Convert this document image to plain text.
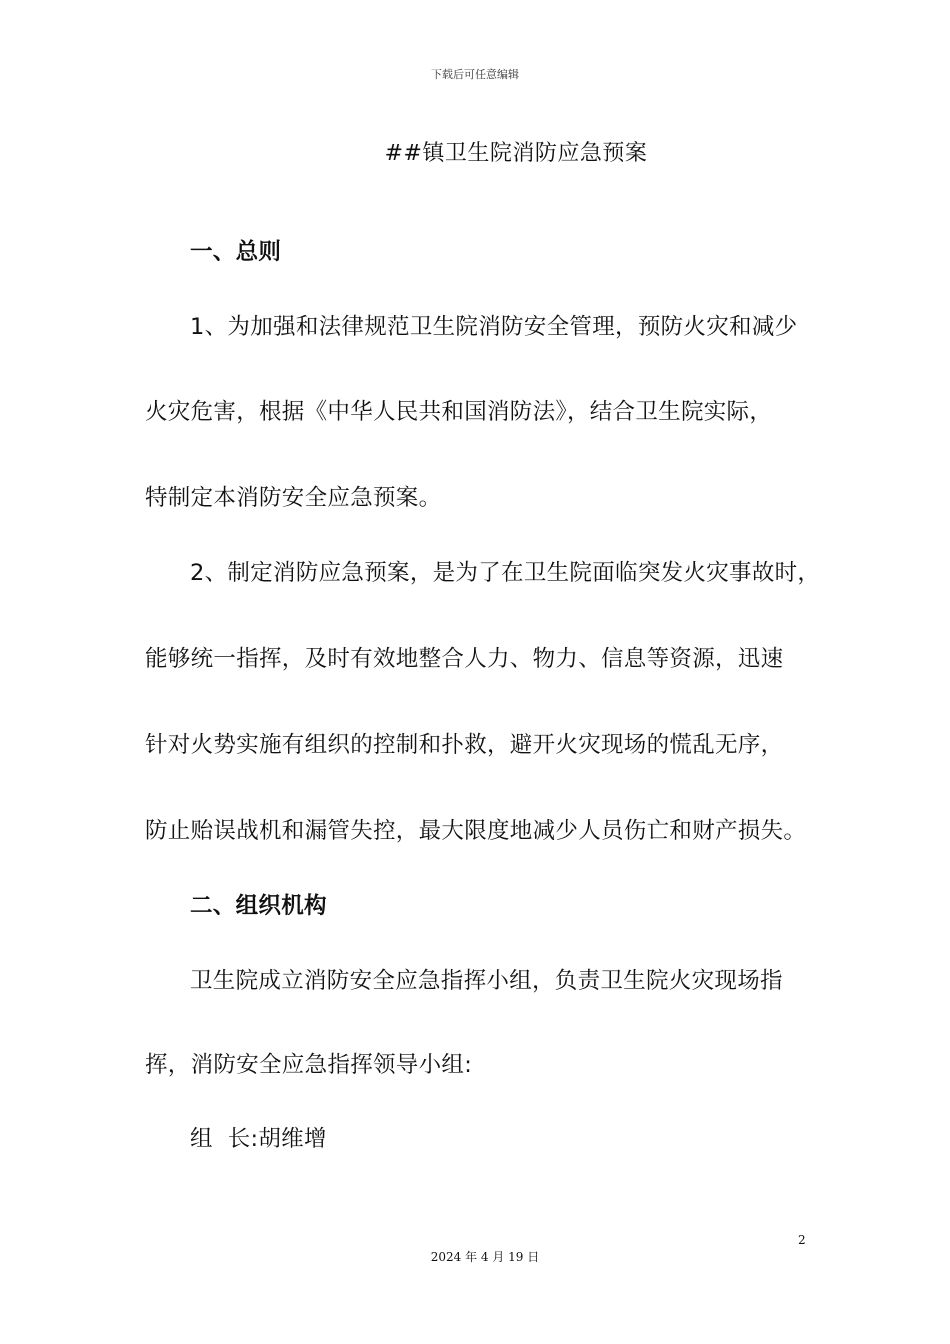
下载后可任意编辑
##镇卫生院消防应急预案
一、总则
1、为加强和法律规范卫生院消防安全管理，预防火灾和减少
火灾危害，根据《中华人民共和国消防法》，结合卫生院实际，
特制定本消防安全应急预案。
2、制定消防应急预案，是为了在卫生院面临突发火灾事故时，
能够统一指挥，及时有效地整合人力、物力、信息等资源，迅速
针对火势实施有组织的控制和扑救，避开火灾现场的慌乱无序，
防止贻误战机和漏管失控，最大限度地减少人员伤亡和财产损失。
二、组织机构
卫生院成立消防安全应急指挥小组，负责卫生院火灾现场指
挥，消防安全应急指挥领导小组:
组  长:胡维增
2
2024 年 4 月 19 日
